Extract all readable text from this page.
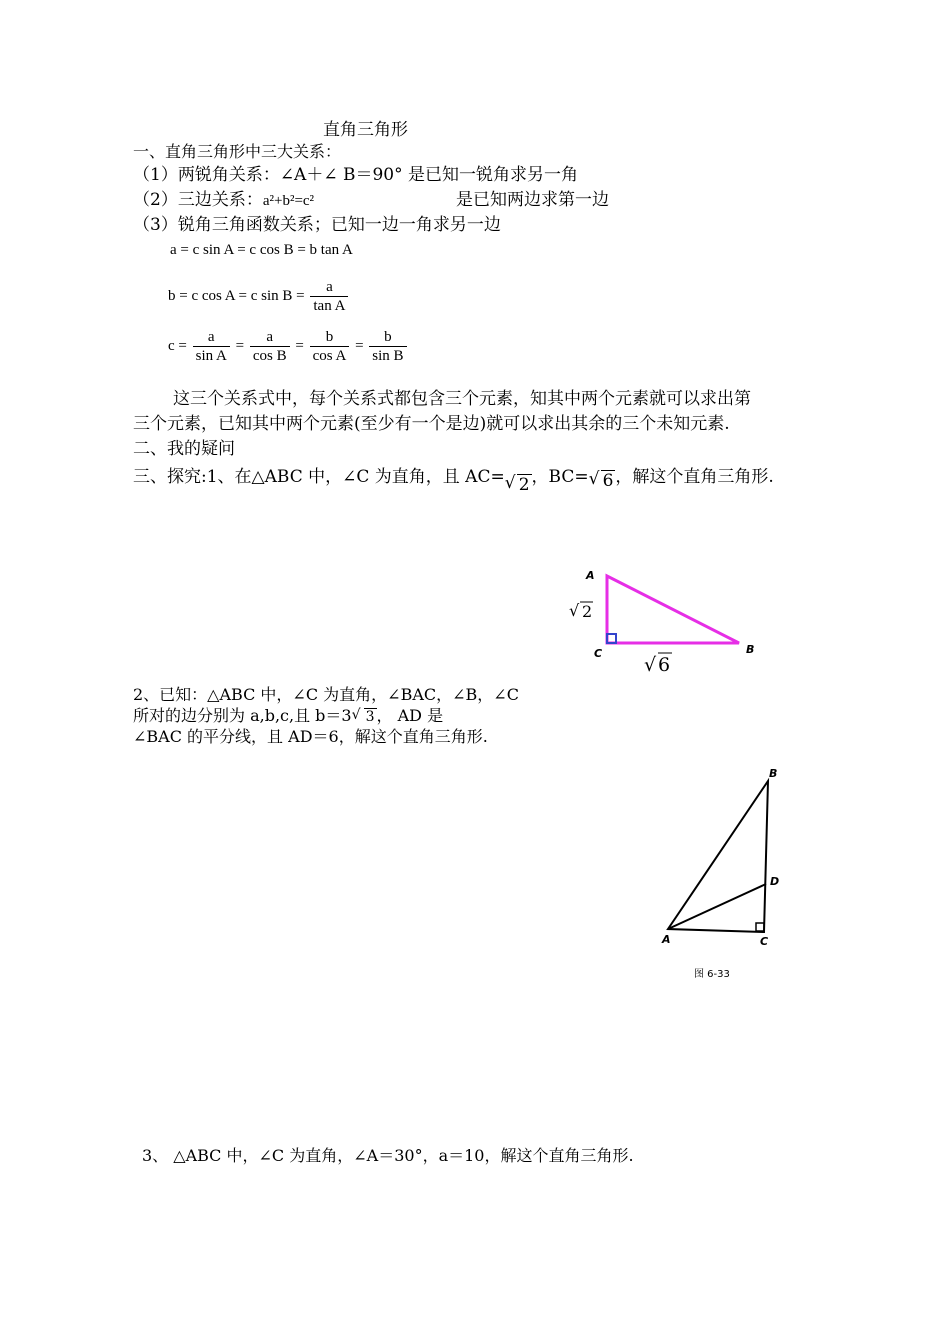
直角三角形
一、直角三角形中三大关系：
（1）两锐角关系：∠A＋∠ B＝90° 是已知一锐角求另一角
（2）三边关系：a²+b²=c²	是已知两边求第一边
（3）锐角三角函数关系；已知一边一角求另一边
a = c sin A = c cos B = b tan A
b = c cos A = c $\sin B = \frac{a}{\text{tan A}}$
$c = \frac{a}{\text{sin A}} = \frac{a}{\text{cos B}} = \frac{b}{\text{cos A}} = \frac{b}{\text{sin B}}$
这三个关系式中，每个关系式都包含三个元素，知其中两个元素就可以求出第
三个元素，已知其中两个元素(至少有一个是边)就可以求出其余的三个未知元素.
二、我的疑问
三、探究:1、在△ABC 中，∠C 为直角，且 AC= √ 2 ，BC= √ 6 ，解这个直角三角形.
A
B
C
√ 2
√ 6
2、已知：△ABC 中，∠C 为直角，∠BAC，∠B，∠C
所对的边分别为 a,b,c,且 b＝3 √ 3 ， AD 是
∠BAC 的平分线，且 AD＝6，解这个直角三角形.
A
B
C
D
图 6-33
3、 △ABC 中，∠C 为直角，∠A＝30°，a＝10，解这个直角三角形.
